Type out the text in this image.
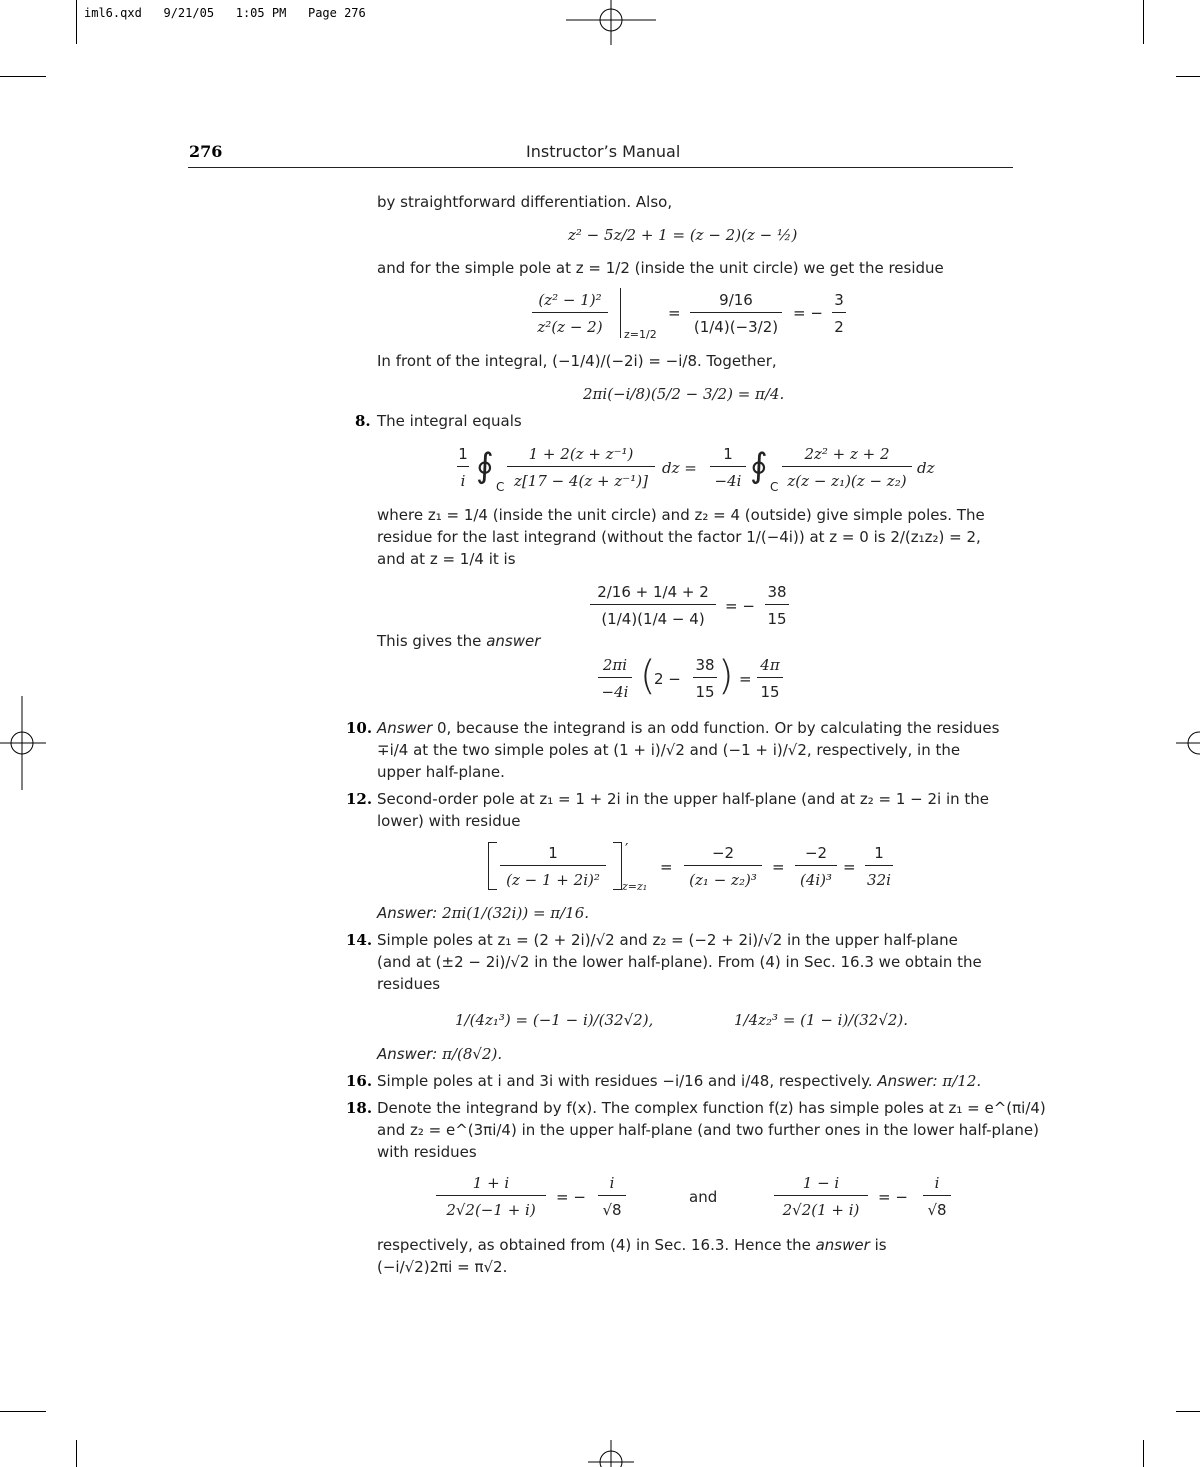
iml6.qxd   9/21/05   1:05 PM   Page 276
276	Instructor’s Manual
by straightforward differentiation. Also,
z² − 5z/2 + 1 = (z − 2)(z − ½)
and for the simple pole at z = 1/2 (inside the unit circle) we get the residue
(z² − 1)²
z²(z − 2)	z=1/2
=
9/16
(1/4)(−3/2)
= −
3
2
In front of the integral, (−1/4)/(−2i) = −i/8. Together,
2πi(−i/8)(5/2 − 3/2) = π/4.
8. The integral equals
1
i ∮
C
1 + 2(z + z⁻¹)
z[17 − 4(z + z⁻¹)]
dz =
1
−4i ∮
C
2z² + z + 2
z(z − z₁)(z − z₂)
dz
where z₁ = 1/4 (inside the unit circle) and z₂ = 4 (outside) give simple poles. The
residue for the last integrand (without the factor 1/(−4i)) at z = 0 is 2/(z₁z₂) = 2,
and at z = 1/4 it is
2/16 + 1/4 + 2
(1/4)(1/4 − 4)
= −
38
15
This gives the answer
2πi
−4i (
2 −
38
15 ) =
4π
15
10. Answer 0, because the integrand is an odd function. Or by calculating the residues
∓i/4 at the two simple poles at (1 + i)/√2 and (−1 + i)/√2, respectively, in the
upper half-plane.
12. Second-order pole at z₁ = 1 + 2i in the upper half-plane (and at z₂ = 1 − 2i in the
lower) with residue
1
(z − 1 + 2i)²
′
z=z₁
=
−2
(z₁ − z₂)³
=
−2
(4i)³
=
1
32i
Answer: 2πi(1/(32i)) = π/16.
14. Simple poles at z₁ = (2 + 2i)/√2 and z₂ = (−2 + 2i)/√2 in the upper half-plane
(and at (±2 − 2i)/√2 in the lower half-plane). From (4) in Sec. 16.3 we obtain the
residues
1/(4z₁³) = (−1 − i)/(32√2),	1/4z₂³ = (1 − i)/(32√2).
Answer: π/(8√2).
16. Simple poles at i and 3i with residues −i/16 and i/48, respectively. Answer: π/12.
18. Denote the integrand by f(x). The complex function f(z) has simple poles at z₁ = e^(πi/4)
and z₂ = e^(3πi/4) in the upper half-plane (and two further ones in the lower half-plane)
with residues
1 + i
2√2(−1 + i)
= −
i
√8
and
1 − i
2√2(1 + i)
= −
i
√8
respectively, as obtained from (4) in Sec. 16.3. Hence the answer is
(−i/√2)2πi = π√2.
